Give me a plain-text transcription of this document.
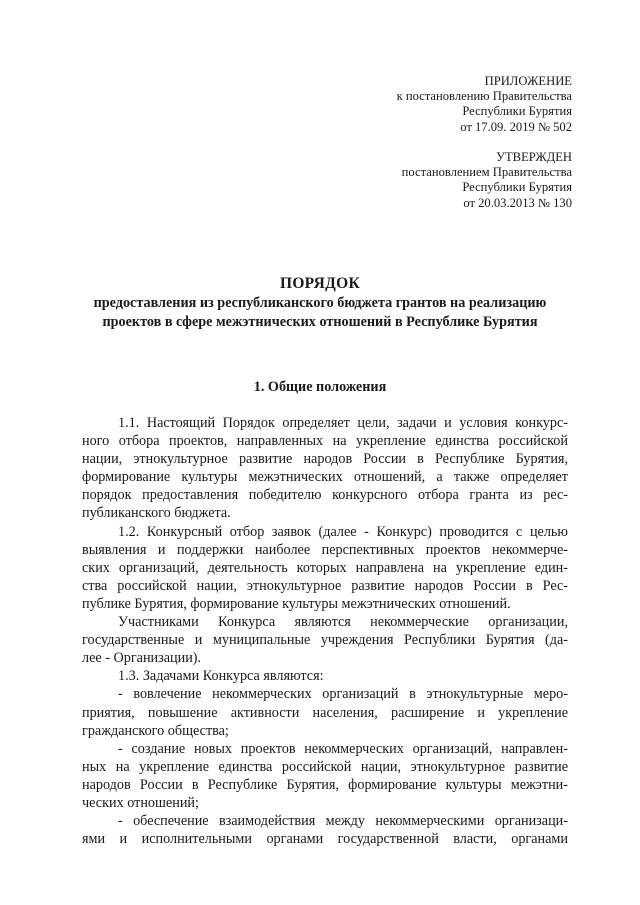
ПРИЛОЖЕНИЕ
к постановлению Правительства
Республики Бурятия
от 17.09. 2019 № 502
УТВЕРЖДЕН
постановлением Правительства
Республики Бурятия
от 20.03.2013 № 130
ПОРЯДОК
предоставления из республиканского бюджета грантов на реализацию
проектов в сфере межэтнических отношений в Республике Бурятия
1. Общие положения
1.1. Настоящий Порядок определяет цели, задачи и условия конкурс-
ного отбора проектов, направленных на укрепление единства российской
нации, этнокультурное развитие народов России в Республике Бурятия,
формирование культуры межэтнических отношений, а также определяет
порядок предоставления победителю конкурсного отбора гранта из рес-
публиканского бюджета.
1.2. Конкурсный отбор заявок (далее - Конкурс) проводится с целью
выявления и поддержки наиболее перспективных проектов некоммерче-
ских организаций, деятельность которых направлена на укрепление един-
ства российской нации, этнокультурное развитие народов России в Рес-
публике Бурятия, формирование культуры межэтнических отношений.
Участниками Конкурса являются некоммерческие организации,
государственные и муниципальные учреждения Республики Бурятия (да-
лее - Организации).
1.3. Задачами Конкурса являются:
- вовлечение некоммерческих организаций в этнокультурные меро-
приятия, повышение активности населения, расширение и укрепление
гражданского общества;
- создание новых проектов некоммерческих организаций, направлен-
ных на укрепление единства российской нации, этнокультурное развитие
народов России в Республике Бурятия, формирование культуры межэтни-
ческих отношений;
- обеспечение взаимодействия между некоммерческими организаци-
ями и исполнительными органами государственной власти, органами
